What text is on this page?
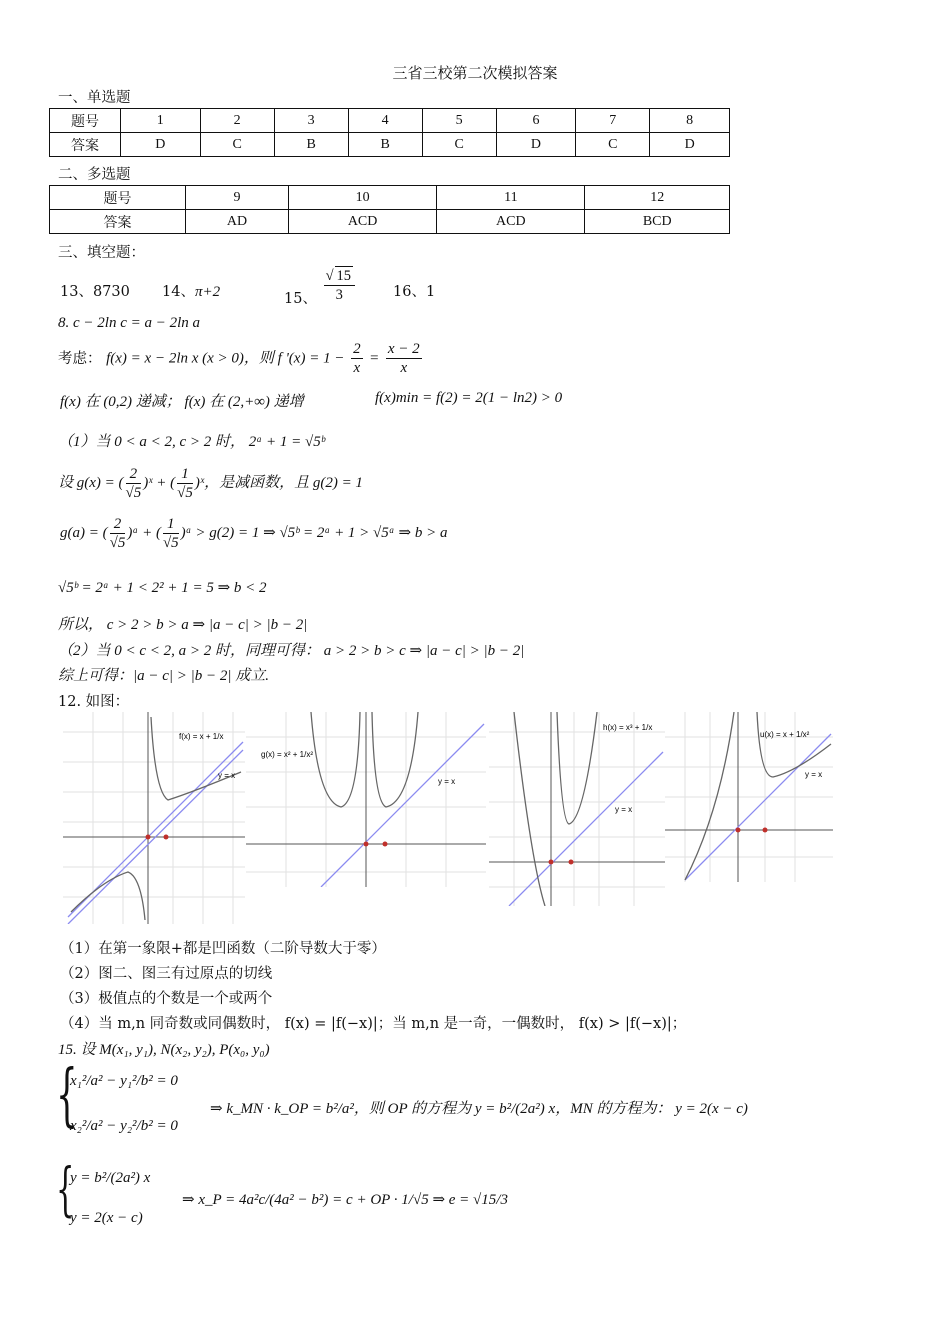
三省三校第二次模拟答案
一、单选题
题号	1	2	3	4	5	6	7	8
答案	D	C	B	B	C	D	C	D
二、多选题
题号	9	10	11	12
答案	AD	ACD	ACD	BCD
三、填空题：
13、8730 14、π+2	15、 $\frac{√ 15}{3}$	16、1
8. c − 2ln c = a − 2ln a
考虑： f(x) = x − 2ln x (x > 0)，则 f '$(x) = 1 - \frac{2}{x} = \frac{x - 2}{x}$
f(x) 在 (0,2) 递减； f(x) 在 (2,+∞) 递增	f(x)min = f(2) = 2(1 − ln2) > 0
（1）当 0 < a < 2, c > 2 时， 2ᵃ + 1 = √5ᵇ
设 g(x) = ( $\frac{2}{√5}$ )ˣ + ( $\frac{1}{√5}$ )ˣ，是减函数，且 g(2) = 1
g(a) = ( $\frac{2}{√5}$ )ᵃ + ( $\frac{1}{√5}$ )ᵃ > g(2) = 1 ⇒ √5ᵇ = 2ᵃ + 1 > √5ᵃ ⇒ b > a
√5ᵇ = 2ᵃ + 1 < 2² + 1 = 5 ⇒ b < 2
所以， c > 2 > b > a ⇒ |a − c| > |b − 2|
（2）当 0 < c < 2, a > 2 时，同理可得： a > 2 > b > c ⇒ |a − c| > |b − 2|
综上可得：|a − c| > |b − 2| 成立.
12. 如图：
f(x) = x + 1/x
y = x
g(x) = x² + 1/x²
y = x
h(x) = x³ + 1/x
y = x
u(x) = x + 1/x²
y = x
（1）在第一象限+都是凹函数（二阶导数大于零）
（2）图二、图三有过原点的切线
（3）极值点的个数是一个或两个
（4）当 m,n 同奇数或同偶数时， f(x) = |f(−x)|；当 m,n 是一奇，一偶数时， f(x) > |f(−x)|；
15. 设 M(x₁, y₁), N(x₂, y₂), P(x₀, y₀)
{
x₁²/a² − y₁²/b² = 0
x₂²/a² − y₂²/b² = 0
⇒ k_MN · k_OP = b²/a²，则 OP 的方程为 y = b²/(2a²) x，MN 的方程为： y = 2(x − c)
{
y = b²/(2a²) x
y = 2(x − c)
⇒ x_P = 4a²c/(4a² − b²) = c + OP · 1/√5 ⇒ e = √15/3
